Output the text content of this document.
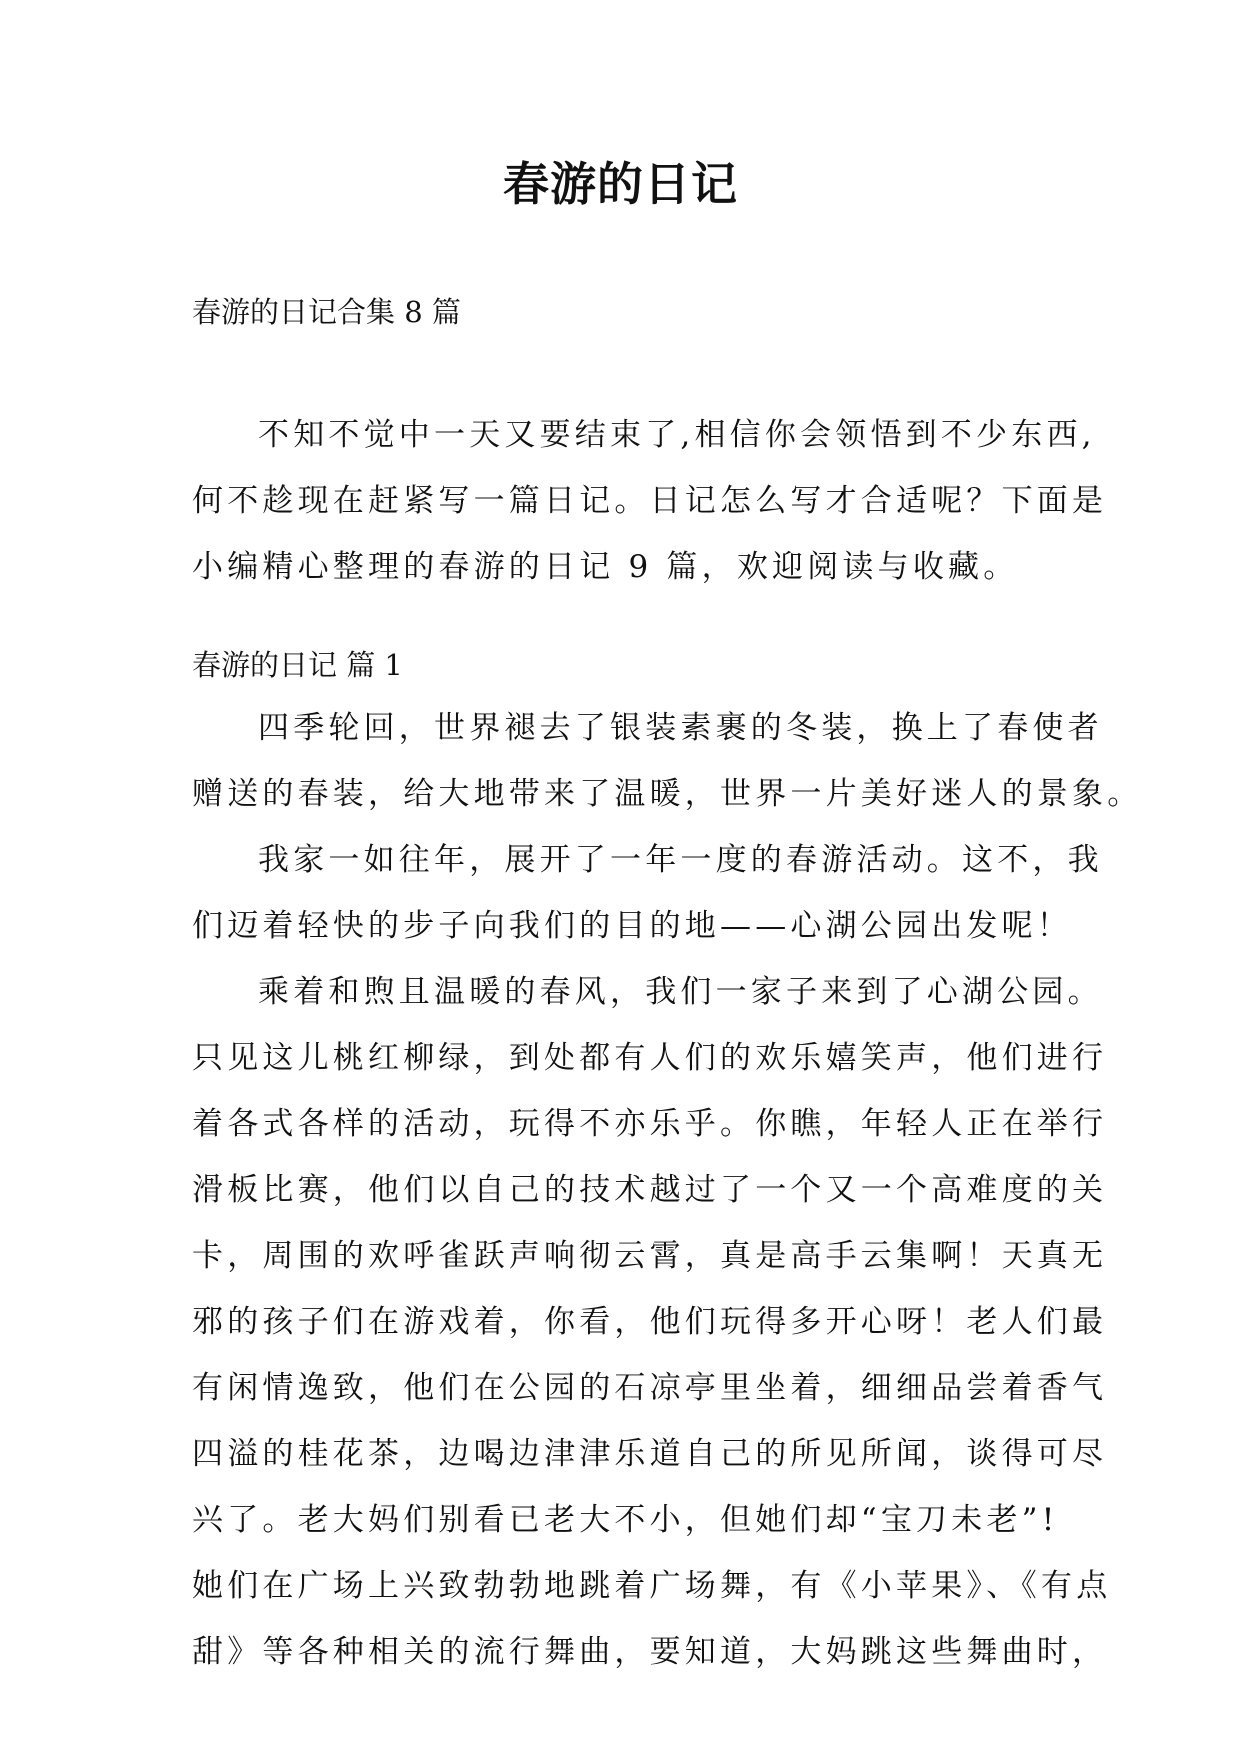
春游的日记
春游的日记合集 8 篇
不知不觉中一天又要结束了,相信你会领悟到不少东西,
何不趁现在赶紧写一篇日记。日记怎么写才合适呢？下面是
小编精心整理的春游的日记 9 篇，欢迎阅读与收藏。
春游的日记 篇 1
四季轮回，世界褪去了银装素裹的冬装，换上了春使者
赠送的春装，给大地带来了温暖，世界一片美好迷人的景象。
我家一如往年，展开了一年一度的春游活动。这不，我
们迈着轻快的步子向我们的目的地——心湖公园出发呢！
乘着和煦且温暖的春风，我们一家子来到了心湖公园。
只见这儿桃红柳绿，到处都有人们的欢乐嬉笑声，他们进行
着各式各样的活动，玩得不亦乐乎。你瞧，年轻人正在举行
滑板比赛，他们以自己的技术越过了一个又一个高难度的关
卡，周围的欢呼雀跃声响彻云霄，真是高手云集啊！天真无
邪的孩子们在游戏着，你看，他们玩得多开心呀！老人们最
有闲情逸致，他们在公园的石凉亭里坐着，细细品尝着香气
四溢的桂花茶，边喝边津津乐道自己的所见所闻，谈得可尽
兴了。老大妈们别看已老大不小，但她们却“宝刀未老”!
她们在广场上兴致勃勃地跳着广场舞，有《小苹果》、《有点
甜》等各种相关的流行舞曲，要知道，大妈跳这些舞曲时，
